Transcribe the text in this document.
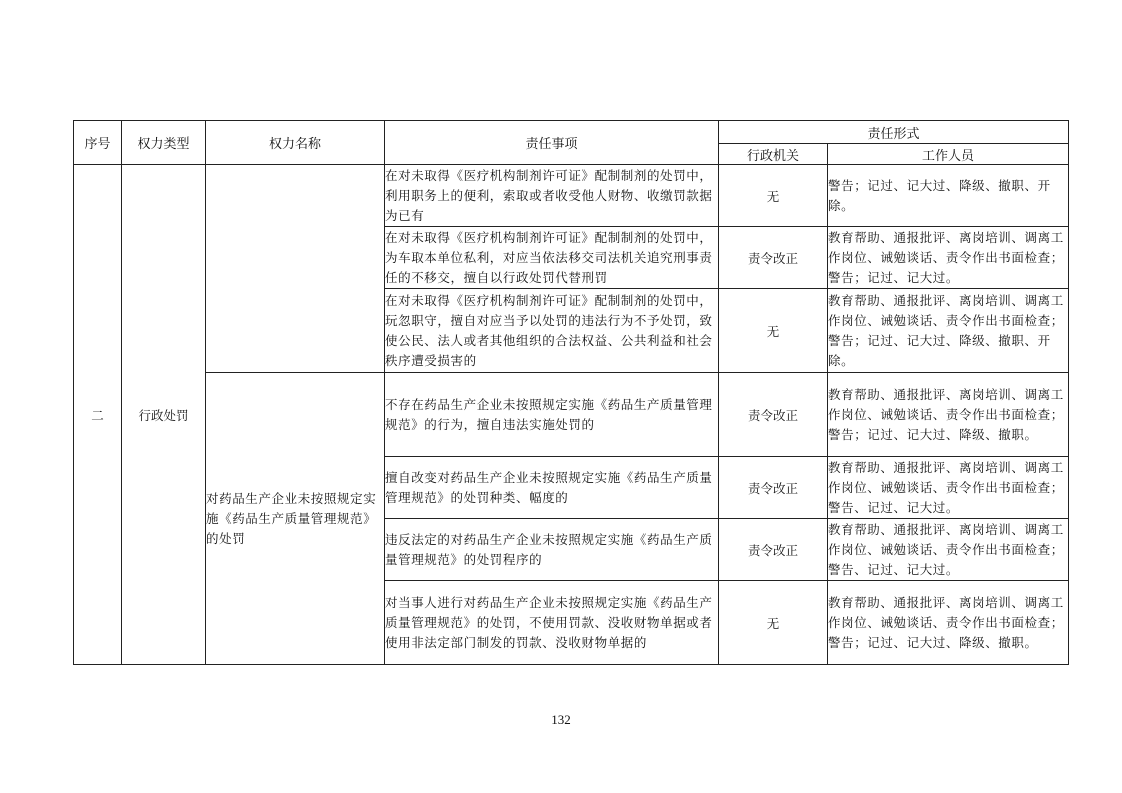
序号	权力类型	权力名称	责任事项	责任形式	
				行政机关	工作人员
二	行政处罚		在对未取得《医疗机构制剂许可证》配制制剂的处罚中，利用职务上的便利，索取或者收受他人财物、收缴罚款据为已有	无	警告；记过、记大过、降级、撤职、开除。
			在对未取得《医疗机构制剂许可证》配制制剂的处罚中，为车取本单位私利，对应当依法移交司法机关追究刑事责任的不移交，擅自以行政处罚代替刑罚	责令改正	教育帮助、通报批评、离岗培训、调离工作岗位、诫勉谈话、责令作出书面检查；警告；记过、记大过。
			在对未取得《医疗机构制剂许可证》配制制剂的处罚中，玩忽职守，擅自对应当予以处罚的违法行为不予处罚，致使公民、法人或者其他组织的合法权益、公共利益和社会秩序遭受损害的	无	教育帮助、通报批评、离岗培训、调离工作岗位、诫勉谈话、责令作出书面检查；警告；记过、记大过、降级、撤职、开除。
		对药品生产企业未按照规定实施《药品生产质量管理规范》的处罚	不存在药品生产企业未按照规定实施《药品生产质量管理规范》的行为，擅自违法实施处罚的	责令改正	教育帮助、通报批评、离岗培训、调离工作岗位、诫勉谈话、责令作出书面检查；警告；记过、记大过、降级、撤职。
			擅自改变对药品生产企业未按照规定实施《药品生产质量管理规范》的处罚种类、幅度的	责令改正	教育帮助、通报批评、离岗培训、调离工作岗位、诫勉谈话、责令作出书面检查；警告、记过、记大过。
			违反法定的对药品生产企业未按照规定实施《药品生产质量管理规范》的处罚程序的	责令改正	教育帮助、通报批评、离岗培训、调离工作岗位、诫勉谈话、责令作出书面检查；警告、记过、记大过。
			对当事人进行对药品生产企业未按照规定实施《药品生产质量管理规范》的处罚，不使用罚款、没收财物单据或者使用非法定部门制发的罚款、没收财物单据的	无	教育帮助、通报批评、离岗培训、调离工作岗位、诫勉谈话、责令作出书面检查；警告；记过、记大过、降级、撤职。
132
